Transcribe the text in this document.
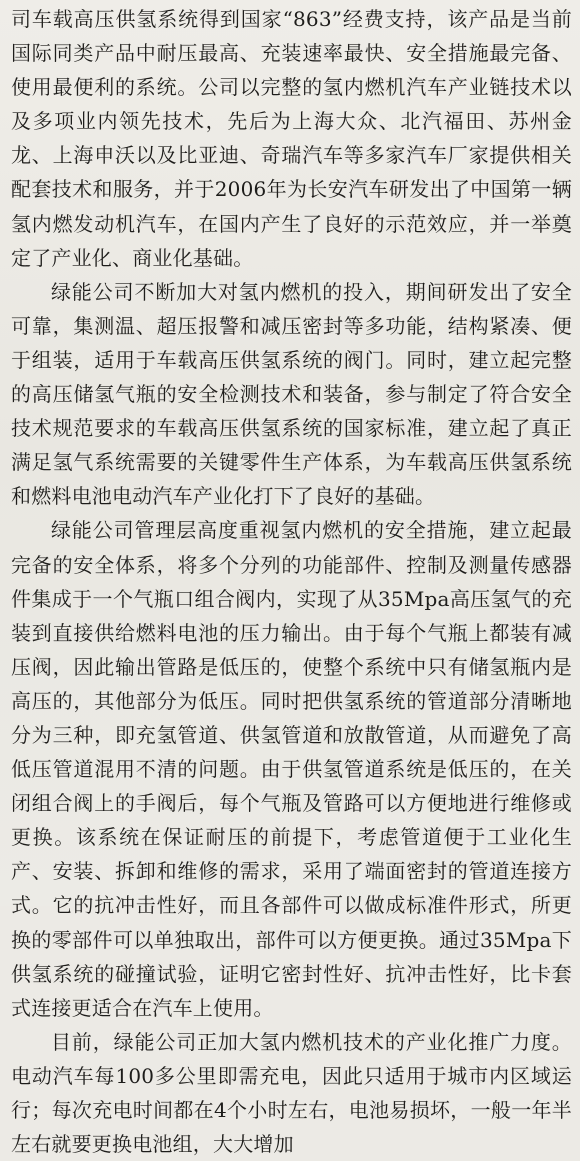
司车载高压供氢系统得到国家“863”经费支持，该产品是当前国际同类产品中耐压最高、充装速率最快、安全措施最完备、使用最便利的系统。公司以完整的氢内燃机汽车产业链技术以及多项业内领先技术，先后为上海大众、北汽福田、苏州金龙、上海申沃以及比亚迪、奇瑞汽车等多家汽车厂家提供相关配套技术和服务，并于2006年为长安汽车研发出了中国第一辆氢内燃发动机汽车，在国内产生了良好的示范效应，并一举奠定了产业化、商业化基础。

绿能公司不断加大对氢内燃机的投入，期间研发出了安全可靠，集测温、超压报警和减压密封等多功能，结构紧凑、便于组装，适用于车载高压供氢系统的阀门。同时，建立起完整的高压储氢气瓶的安全检测技术和装备，参与制定了符合安全技术规范要求的车载高压供氢系统的国家标准，建立起了真正满足氢气系统需要的关键零件生产体系，为车载高压供氢系统和燃料电池电动汽车产业化打下了良好的基础。

绿能公司管理层高度重视氢内燃机的安全措施，建立起最完备的安全体系，将多个分列的功能部件、控制及测量传感器件集成于一个气瓶口组合阀内，实现了从35Mpa高压氢气的充装到直接供给燃料电池的压力输出。由于每个气瓶上都装有减压阀，因此输出管路是低压的，使整个系统中只有储氢瓶内是高压的，其他部分为低压。同时把供氢系统的管道部分清晰地分为三种，即充氢管道、供氢管道和放散管道，从而避免了高低压管道混用不清的问题。由于供氢管道系统是低压的，在关闭组合阀上的手阀后，每个气瓶及管路可以方便地进行维修或更换。该系统在保证耐压的前提下，考虑管道便于工业化生产、安装、拆卸和维修的需求，采用了端面密封的管道连接方式。它的抗冲击性好，而且各部件可以做成标准件形式，所更换的零部件可以单独取出，部件可以方便更换。通过35Mpa下供氢系统的碰撞试验，证明它密封性好、抗冲击性好，比卡套式连接更适合在汽车上使用。

目前，绿能公司正加大氢内燃机技术的产业化推广力度。电动汽车每100多公里即需充电，因此只适用于城市内区域运行；每次充电时间都在4个小时左右，电池易损坏，一般一年半左右就要更换电池组，大大增加
